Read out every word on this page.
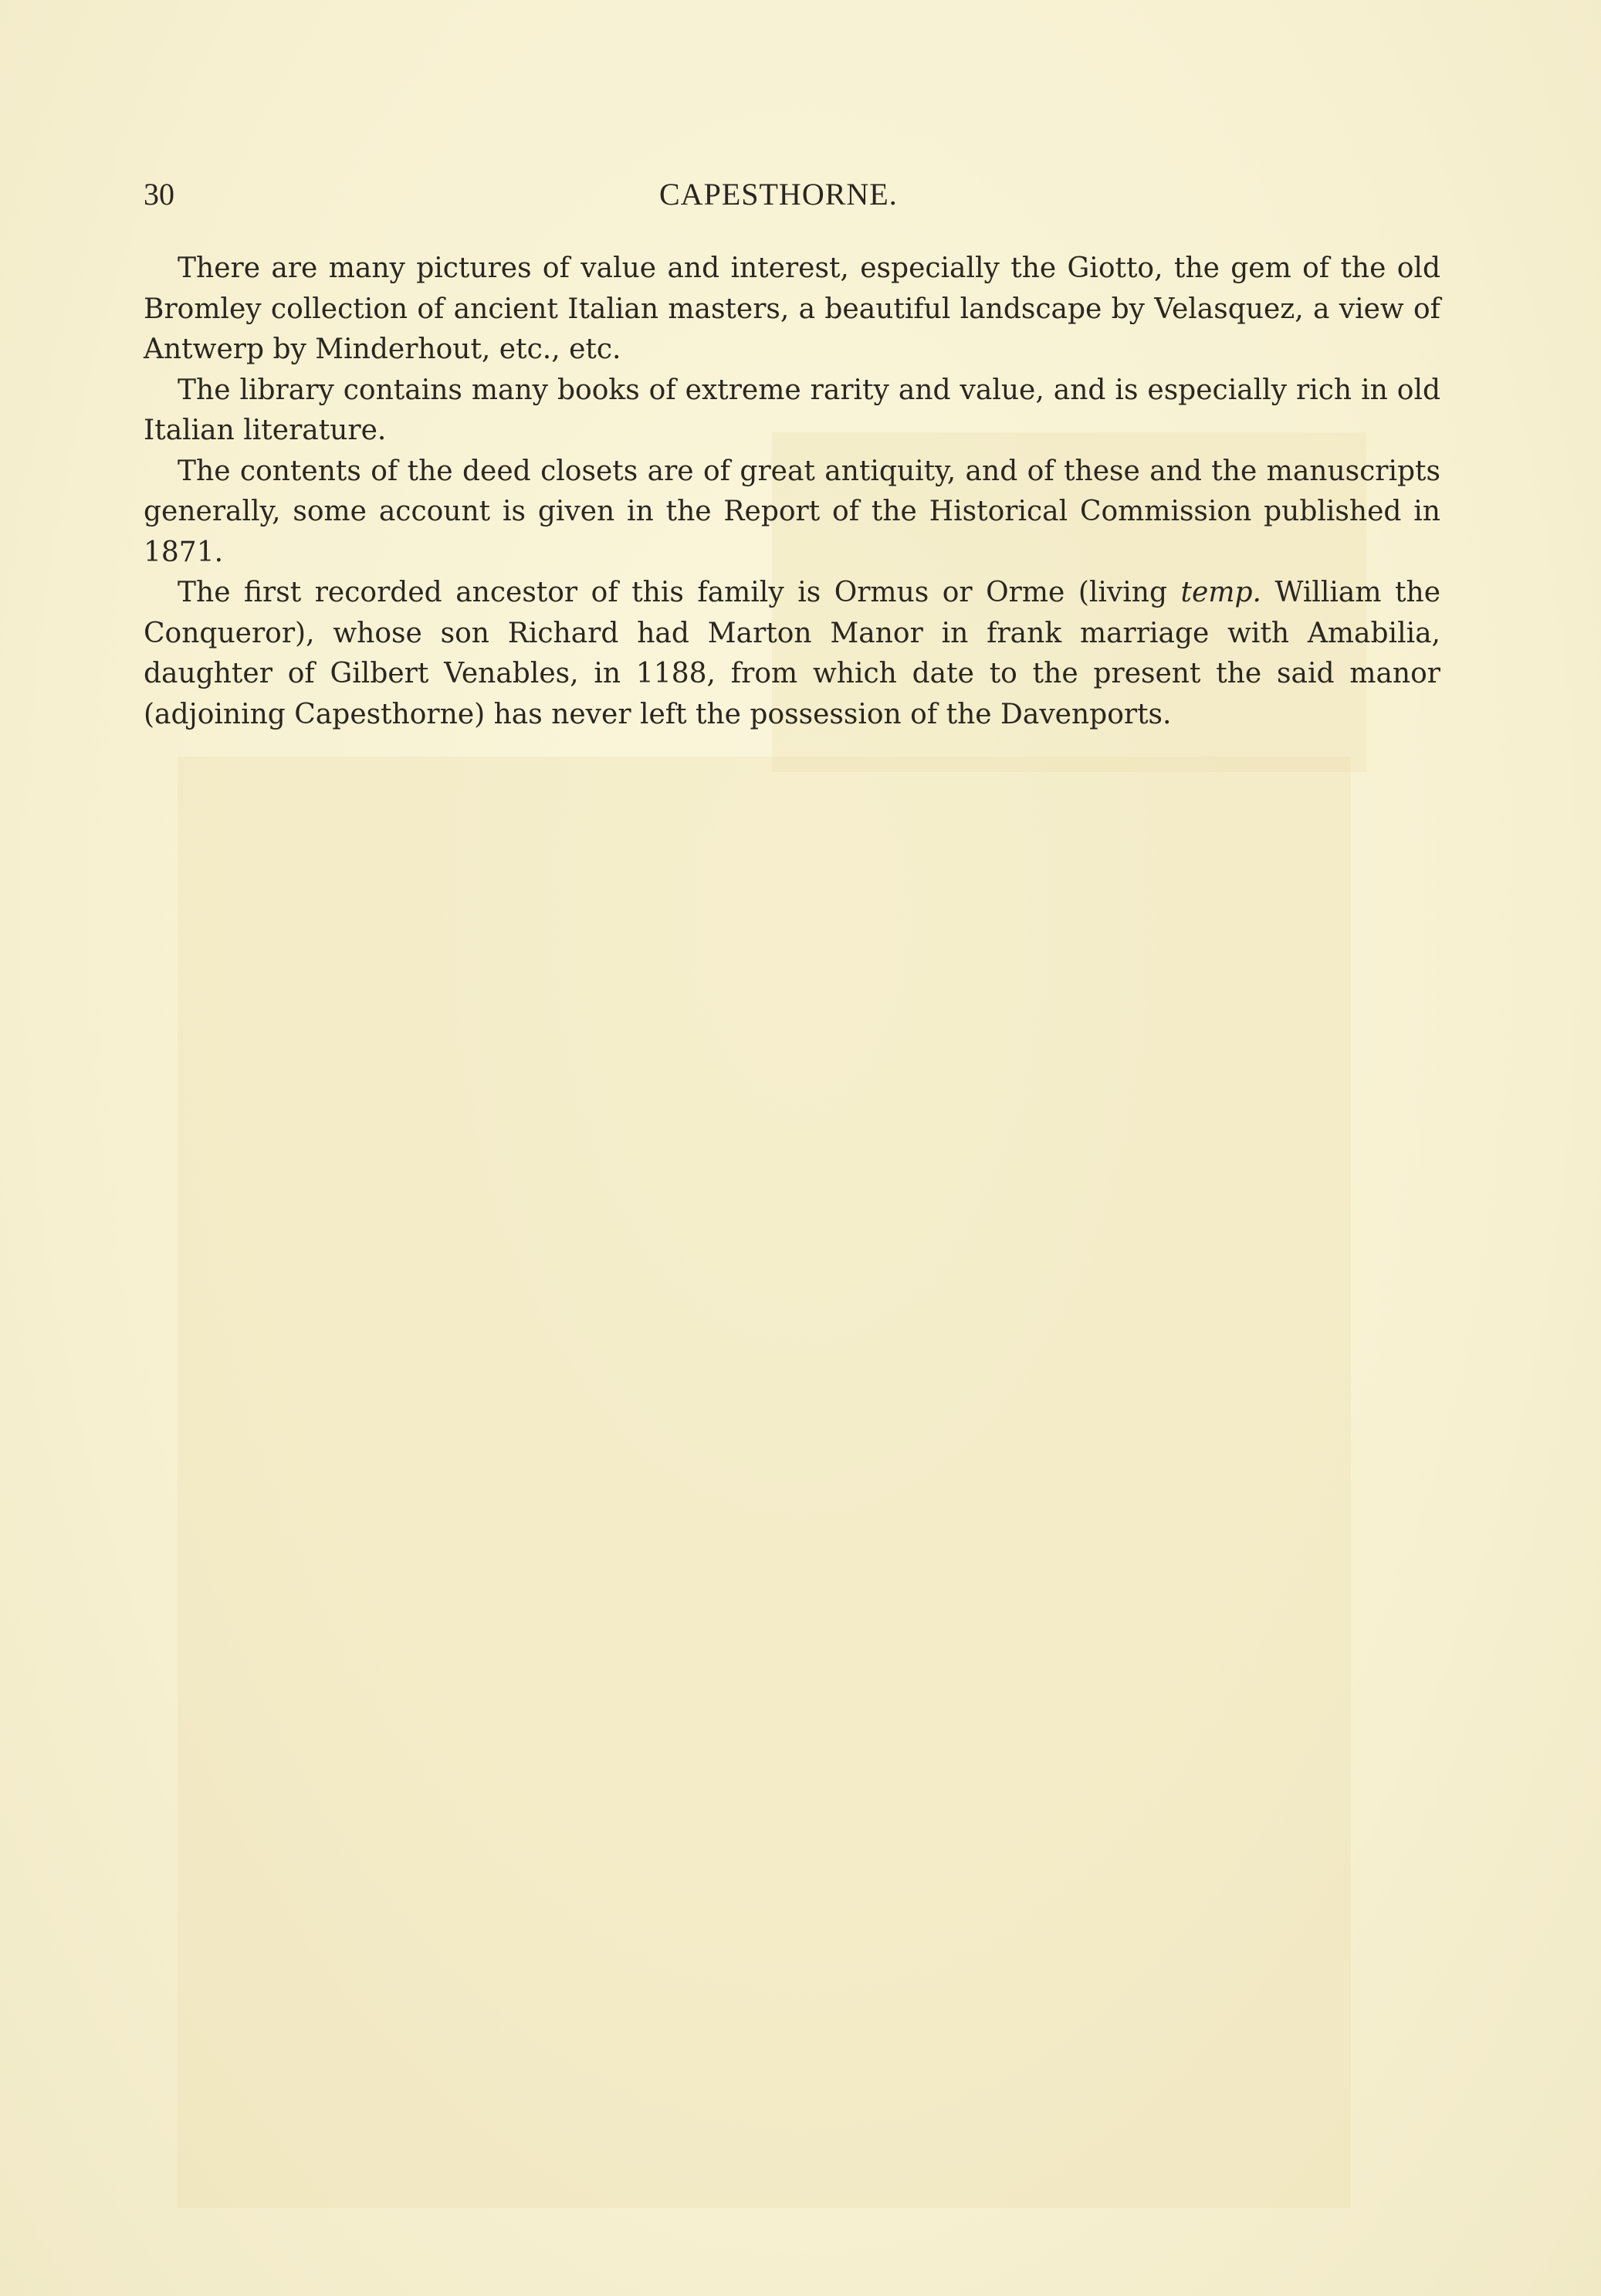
30	CAPESTHORNE.

There are many pictures of value and interest, especially the Giotto, the gem of the old Bromley collection of ancient Italian masters, a beautiful landscape by Velasquez, a view of Antwerp by Minderhout, etc., etc.

The library contains many books of extreme rarity and value, and is especially rich in old Italian literature.

The contents of the deed closets are of great antiquity, and of these and the manuscripts generally, some account is given in the Report of the Historical Commission published in 1871.

The first recorded ancestor of this family is Ormus or Orme (living temp. William the Conqueror), whose son Richard had Marton Manor in frank marriage with Amabilia, daughter of Gilbert Venables, in 1188, from which date to the present the said manor (adjoining Capesthorne) has never left the possession of the Davenports.
